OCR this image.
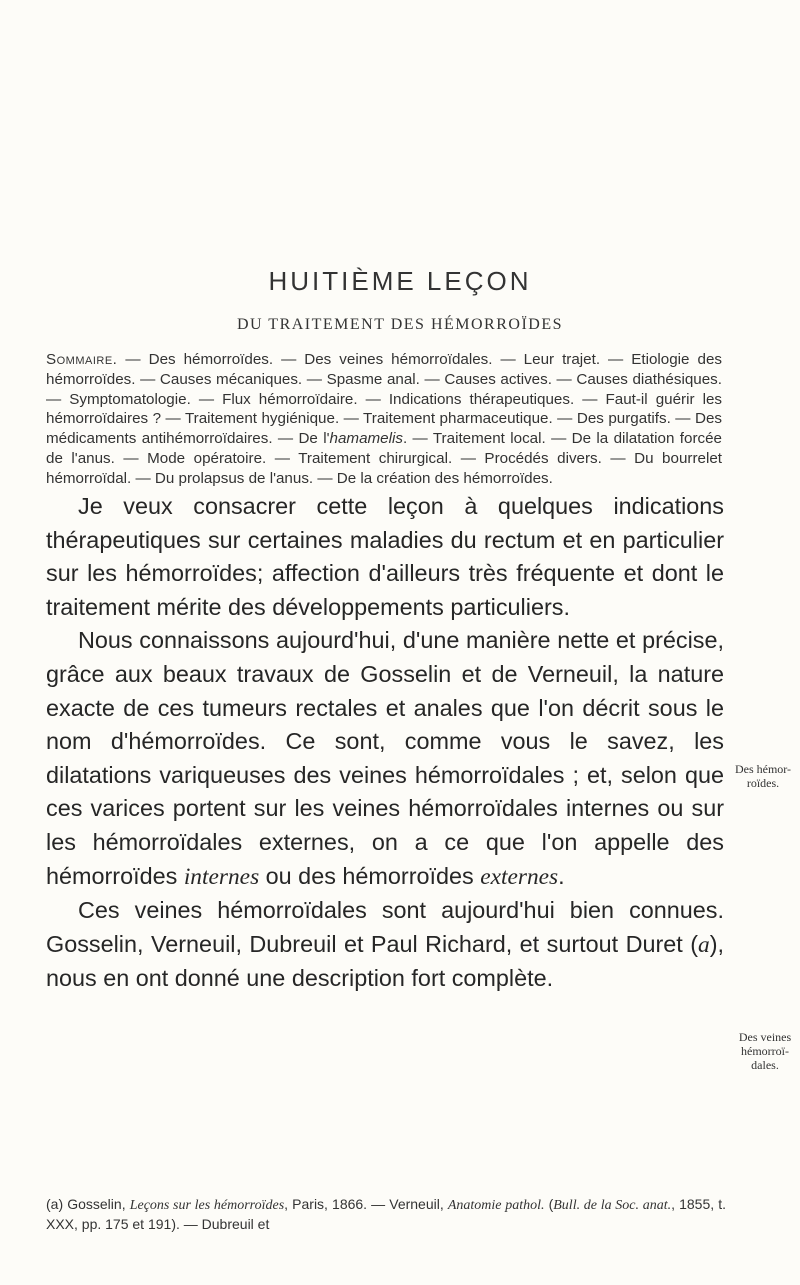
HUITIÈME LEÇON
DU TRAITEMENT DES HÉMORROÏDES
Sommaire. — Des hémorroïdes. — Des veines hémorroïdales. — Leur trajet. — Etiologie des hémorroïdes. — Causes mécaniques. — Spasme anal. — Causes actives. — Causes diathésiques. — Symptomatologie. — Flux hémorroïdaire. — Indications thérapeutiques. — Faut-il guérir les hémorroïdaires ? — Traitement hygiénique. — Traitement pharmaceutique. — Des purgatifs. — Des médicaments antihémorroïdaires. — De l'hamamelis. — Traitement local. — De la dilatation forcée de l'anus. — Mode opératoire. — Traitement chirurgical. — Procédés divers. — Du bourrelet hémorroïdal. — Du prolapsus de l'anus. — De la création des hémorroïdes.

Je veux consacrer cette leçon à quelques indications thérapeutiques sur certaines maladies du rectum et en particulier sur les hémorroïdes; affection d'ailleurs très fréquente et dont le traitement mérite des développements particuliers.

Nous connaissons aujourd'hui, d'une manière nette et précise, grâce aux beaux travaux de Gosselin et de Verneuil, la nature exacte de ces tumeurs rectales et anales que l'on décrit sous le nom d'hémorroïdes. Ce sont, comme vous le savez, les dilatations variqueuses des veines hémorroïdales ; et, selon que ces varices portent sur les veines hémorroïdales internes ou sur les hémorroïdales externes, on a ce que l'on appelle des hémorroïdes internes ou des hémorroïdes externes.

Ces veines hémorroïdales sont aujourd'hui bien connues. Gosselin, Verneuil, Dubreuil et Paul Richard, et surtout Duret (a), nous en ont donné une description fort complète.

Des hémor-roïdes.
Des veines hémorroï-dales.
(a) Gosselin, Leçons sur les hémorroïdes, Paris, 1866. — Verneuil, Anatomie pathol. (Bull. de la Soc. anat., 1855, t. XXX, pp. 175 et 191). — Dubreuil et
